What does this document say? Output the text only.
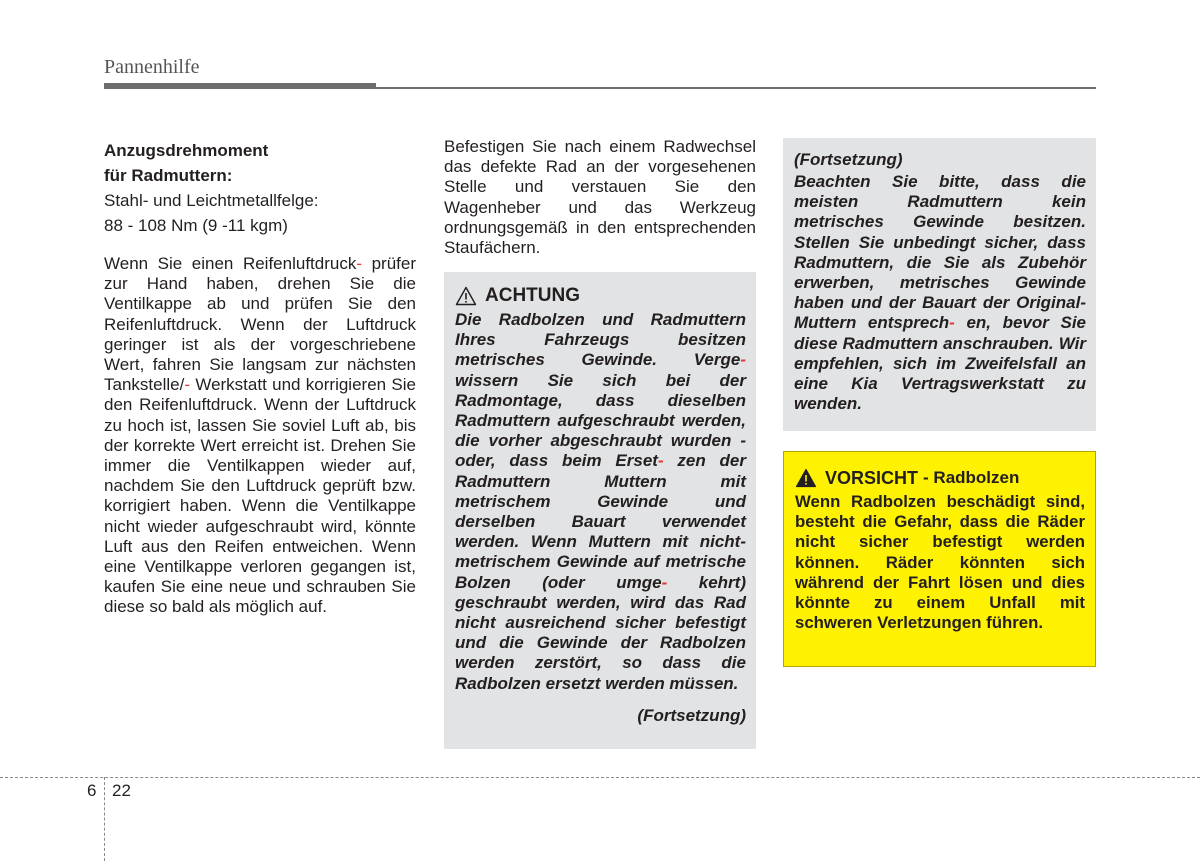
Pannenhilfe
Anzugsdrehmoment
für Radmuttern:
Stahl- und Leichtmetallfelge:
88 - 108 Nm (9 -11 kgm)
Wenn Sie einen Reifenluftdruck- prüfer zur Hand haben, drehen Sie die Ventilkappe ab und prüfen Sie den Reifenluftdruck. Wenn der Luftdruck geringer ist als der vorgeschriebene Wert, fahren Sie langsam zur nächsten Tankstelle/- Werkstatt und korrigieren Sie den Reifenluftdruck. Wenn der Luftdruck zu hoch ist, lassen Sie soviel Luft ab, bis der korrekte Wert erreicht ist. Drehen Sie immer die Ventilkappen wieder auf, nachdem Sie den Luftdruck geprüft bzw. korrigiert haben. Wenn die Ventilkappe nicht wieder aufgeschraubt wird, könnte Luft aus den Reifen entweichen. Wenn eine Ventilkappe verloren gegangen ist, kaufen Sie eine neue und schrauben Sie diese so bald als möglich auf.
Befestigen Sie nach einem Radwechsel das defekte Rad an der vorgesehenen Stelle und verstauen Sie den Wagenheber und das Werkzeug ordnungsgemäß in den entsprechenden Staufächern.
ACHTUNG
Die Radbolzen und Radmuttern Ihres Fahrzeugs besitzen metrisches Gewinde. Verge- wissern Sie sich bei der Radmontage, dass dieselben Radmuttern aufgeschraubt werden, die vorher abgeschraubt wurden - oder, dass beim Erset- zen der Radmuttern Muttern mit metrischem Gewinde und derselben Bauart verwendet werden. Wenn Muttern mit nicht-metrischem Gewinde auf metrische Bolzen (oder umge- kehrt) geschraubt werden, wird das Rad nicht ausreichend sicher befestigt und die Gewinde der Radbolzen werden zerstört, so dass die Radbolzen ersetzt werden müssen.
(Fortsetzung)
(Fortsetzung)
Beachten Sie bitte, dass die meisten Radmuttern kein metrisches Gewinde besitzen. Stellen Sie unbedingt sicher, dass Radmuttern, die Sie als Zubehör erwerben, metrisches Gewinde haben und der Bauart der Original-Muttern entsprech- en, bevor Sie diese Radmuttern anschrauben. Wir empfehlen, sich im Zweifelsfall an eine Kia Vertragswerkstatt zu wenden.
VORSICHT
- Radbolzen
Wenn Radbolzen beschädigt sind, besteht die Gefahr, dass die Räder nicht sicher befestigt werden können. Räder könnten sich während der Fahrt lösen und dies könnte zu einem Unfall mit schweren Verletzungen führen.
6 22
